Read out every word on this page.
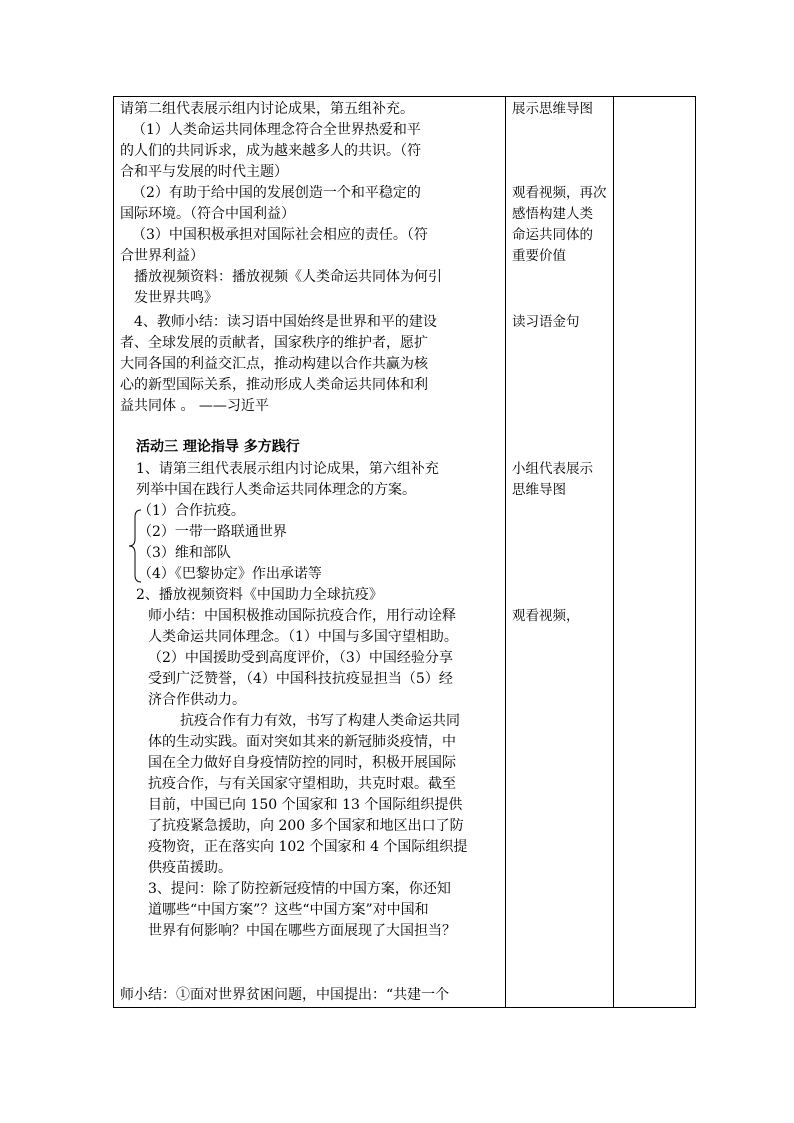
请第二组代表展示组内讨论成果，第五组补充。
（1）人类命运共同体理念符合全世界热爱和平
的人们的共同诉求，成为越来越多人的共识。（符
合和平与发展的时代主题）
（2）有助于给中国的发展创造一个和平稳定的
国际环境。（符合中国利益）
（3）中国积极承担对国际社会相应的责任。（符
合世界利益）
播放视频资料：播放视频《人类命运共同体为何引
发世界共鸣》
4、教师小结：读习语中国始终是世界和平的建设
者、全球发展的贡献者，国家秩序的维护者，愿扩
大同各国的利益交汇点，推动构建以合作共赢为核
心的新型国际关系，推动形成人类命运共同体和利
益共同体 。 ——习近平
活动三 理论指导 多方践行
1、请第三组代表展示组内讨论成果，第六组补充
列举中国在践行人类命运共同体理念的方案。
（1）合作抗疫。
（2）一带一路联通世界
（3）维和部队
（4）《巴黎协定》作出承诺等
2、播放视频资料《中国助力全球抗疫》
师小结：中国积极推动国际抗疫合作，用行动诠释
人类命运共同体理念。（1）中国与多国守望相助。
（2）中国援助受到高度评价，（3）中国经验分享
受到广泛赞誉，（4）中国科技抗疫显担当（5）经
济合作供动力。
抗疫合作有力有效，书写了构建人类命运共同
体的生动实践。面对突如其来的新冠肺炎疫情，中
国在全力做好自身疫情防控的同时，积极开展国际
抗疫合作，与有关国家守望相助，共克时艰。截至
目前，中国已向 150 个国家和 13 个国际组织提供
了抗疫紧急援助，向 200 多个国家和地区出口了防
疫物资，正在落实向 102 个国家和 4 个国际组织提
供疫苗援助。
3、提问：除了防控新冠疫情的中国方案，你还知
道哪些“中国方案”？这些“中国方案”对中国和
世界有何影响？中国在哪些方面展现了大国担当？
师小结：①面对世界贫困问题，中国提出：“共建一个
展示思维导图
观看视频，再次
感悟构建人类
命运共同体的
重要价值
读习语金句
小组代表展示
思维导图
观看视频，
